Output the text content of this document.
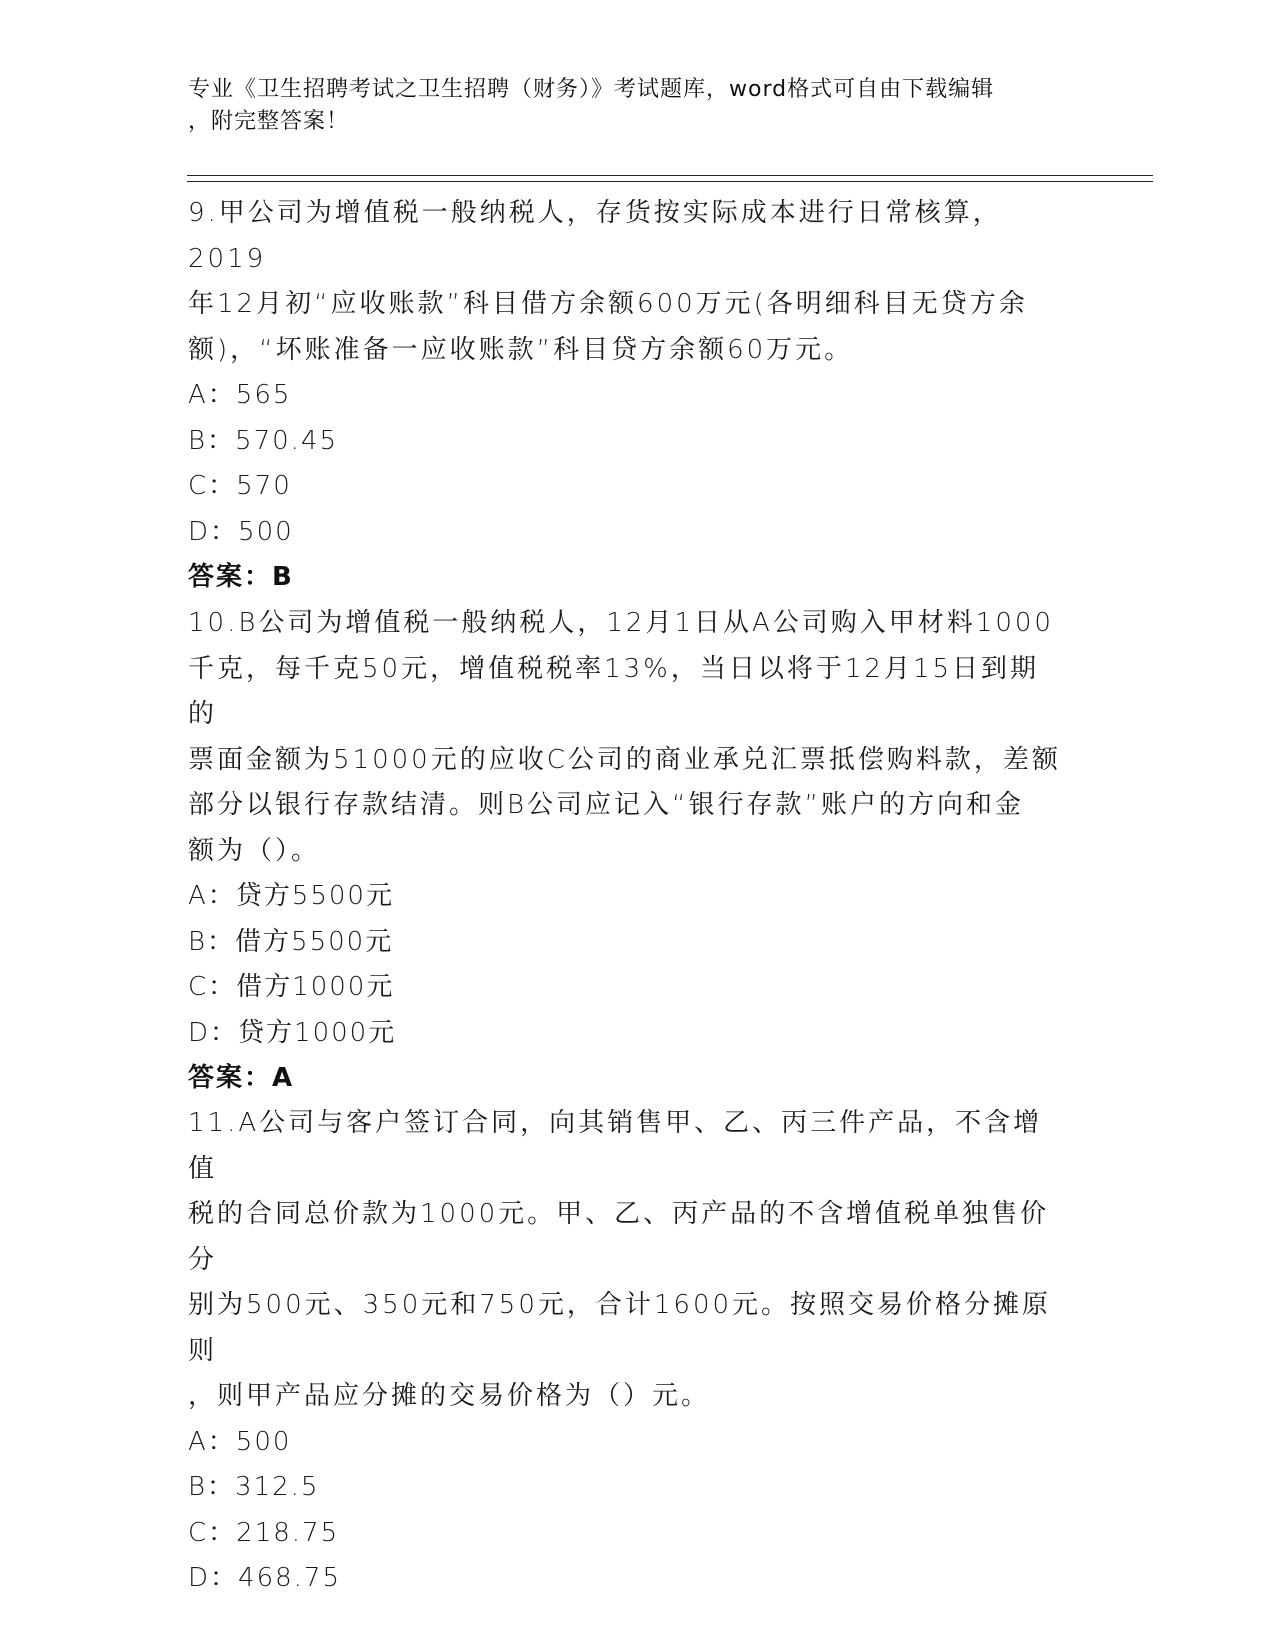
专业《卫生招聘考试之卫生招聘（财务）》考试题库，word格式可自由下载编辑
，附完整答案！

9.甲公司为增值税一般纳税人，存货按实际成本进行日常核算，2019

年12月初“应收账款”科目借方余额600万元(各明细科目无贷方余

额)，“坏账准备一应收账款”科目贷方余额60万元。

A：565

B：570.45

C：570

D：500

答案：B

10.B公司为增值税一般纳税人，12月1日从A公司购入甲材料1000

千克，每千克50元，增值税税率13%，当日以将于12月15日到期的

票面金额为51000元的应收C公司的商业承兑汇票抵偿购料款，差额

部分以银行存款结清。则B公司应记入“银行存款”账户的方向和金

额为（）。

A：贷方5500元

B：借方5500元

C：借方1000元

D：贷方1000元

答案：A

11.A公司与客户签订合同，向其销售甲、乙、丙三件产品，不含增值

税的合同总价款为1000元。甲、乙、丙产品的不含增值税单独售价分

别为500元、350元和750元，合计1600元。按照交易价格分摊原则

，则甲产品应分摊的交易价格为（）元。

A：500

B：312.5

C：218.75

D：468.75
